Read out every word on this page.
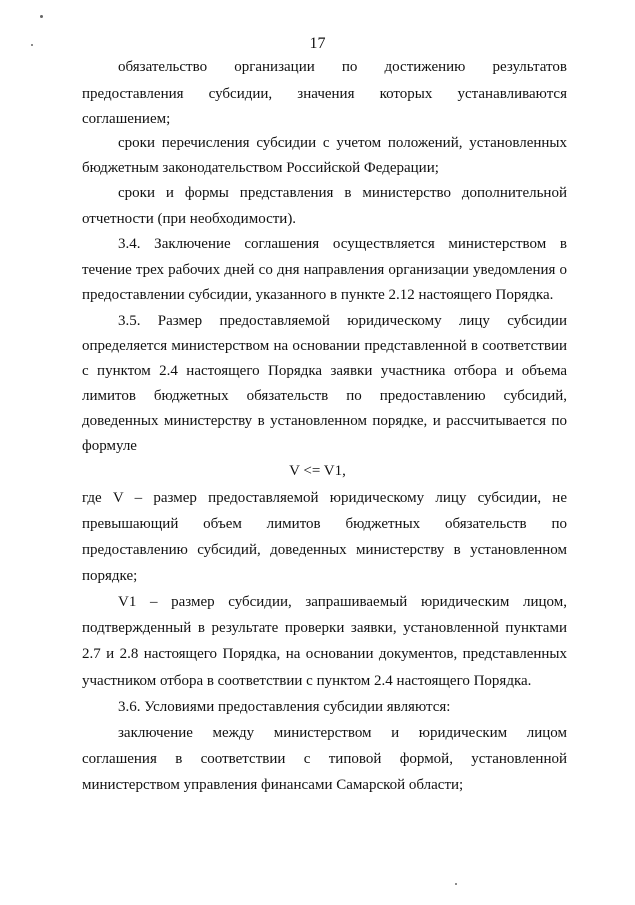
17
обязательство организации по достижению результатов
предоставления субсидии, значения которых устанавливаются
соглашением;
сроки перечисления субсидии с учетом положений, установленных
бюджетным законодательством Российской Федерации;
сроки и формы представления в министерство дополнительной
отчетности (при необходимости).
3.4. Заключение соглашения осуществляется министерством в
течение трех рабочих дней со дня направления организации уведомления о
предоставлении субсидии, указанного в пункте 2.12 настоящего Порядка.
3.5. Размер предоставляемой юридическому лицу субсидии
определяется министерством на основании представленной в соответствии
с пунктом 2.4 настоящего Порядка заявки участника отбора и объема
лимитов бюджетных обязательств по предоставлению субсидий,
доведенных министерству в установленном порядке, и рассчитывается по
формуле
V <= V1,
где V – размер предоставляемой юридическому лицу субсидии, не
превышающий объем лимитов бюджетных обязательств по
предоставлению субсидий, доведенных министерству в установленном
порядке;
V1 – размер субсидии, запрашиваемый юридическим лицом,
подтвержденный в результате проверки заявки, установленной пунктами
2.7 и 2.8 настоящего Порядка, на основании документов, представленных
участником отбора в соответствии с пунктом 2.4 настоящего Порядка.
3.6. Условиями предоставления субсидии являются:
заключение между министерством и юридическим лицом
соглашения в соответствии с типовой формой, установленной
министерством управления финансами Самарской области;
